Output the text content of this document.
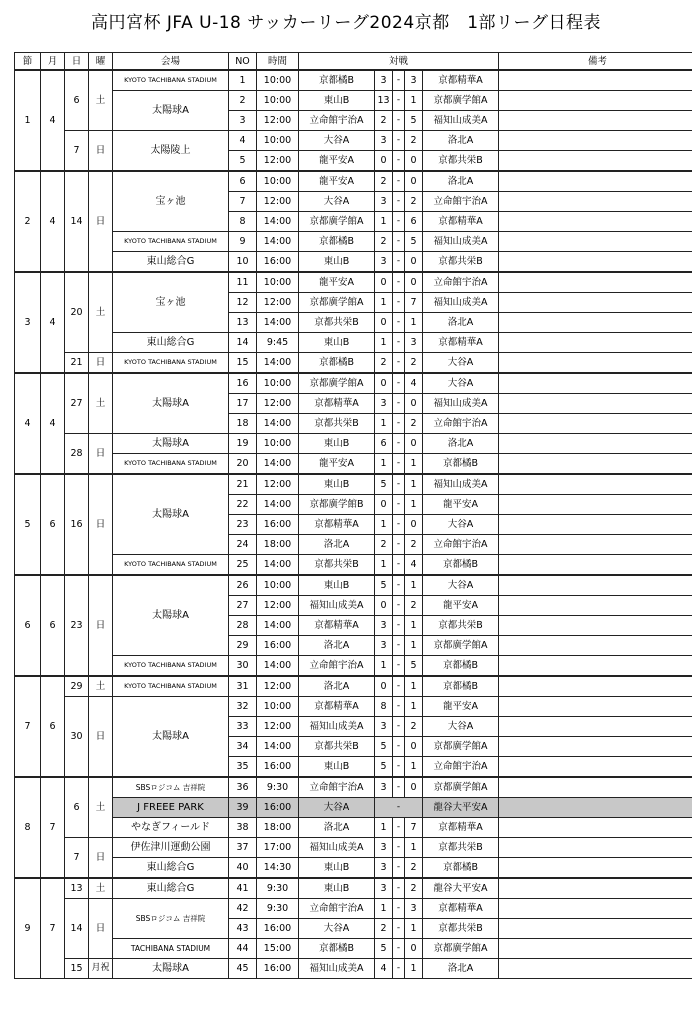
高円宮杯 JFA U-18 サッカーリーグ2024京都　1部リーグ日程表
節	月	日	曜	会場	NO	時間	対戦					備考
1	4	6	土	KYOTO TACHIBANA STADIUM	1	10:00	京都橘B	3	-	3	京都精華A	
				太陽球A	2	10:00	東山B	13	-	1	京都廣学館A	
					3	12:00	立命館宇治A	2	-	5	福知山成美A	
		7	日	太陽陵上	4	10:00	大谷A	3	-	2	洛北A	
					5	12:00	龍平安A	0	-	0	京都共栄B	
2	4	14	日	宝ヶ池	6	10:00	龍平安A	2	-	0	洛北A	
					7	12:00	大谷A	3	-	2	立命館宇治A	
					8	14:00	京都廣学館A	1	-	6	京都精華A	
				KYOTO TACHIBANA STADIUM	9	14:00	京都橘B	2	-	5	福知山成美A	
				東山総合G	10	16:00	東山B	3	-	0	京都共栄B	
3	4	20	土	宝ヶ池	11	10:00	龍平安A	0	-	0	立命館宇治A	
					12	12:00	京都廣学館A	1	-	7	福知山成美A	
					13	14:00	京都共栄B	0	-	1	洛北A	
				東山総合G	14	9:45	東山B	1	-	3	京都精華A	
		21	日	KYOTO TACHIBANA STADIUM	15	14:00	京都橘B	2	-	2	大谷A	
4	4	27	土	太陽球A	16	10:00	京都廣学館A	0	-	4	大谷A	
					17	12:00	京都精華A	3	-	0	福知山成美A	
					18	14:00	京都共栄B	1	-	2	立命館宇治A	
		28	日	太陽球A	19	10:00	東山B	6	-	0	洛北A	
				KYOTO TACHIBANA STADIUM	20	14:00	龍平安A	1	-	1	京都橘B	
5	6	16	日	太陽球A	21	12:00	東山B	5	-	1	福知山成美A	
					22	14:00	京都廣学館B	0	-	1	龍平安A	
					23	16:00	京都精華A	1	-	0	大谷A	
					24	18:00	洛北A	2	-	2	立命館宇治A	
				KYOTO TACHIBANA STADIUM	25	14:00	京都共栄B	1	-	4	京都橘B	
6	6	23	日	太陽球A	26	10:00	東山B	5	-	1	大谷A	
					27	12:00	福知山成美A	0	-	2	龍平安A	
					28	14:00	京都精華A	3	-	1	京都共栄B	
					29	16:00	洛北A	3	-	1	京都廣学館A	
				KYOTO TACHIBANA STADIUM	30	14:00	立命館宇治A	1	-	5	京都橘B	
7	6	29	土	KYOTO TACHIBANA STADIUM	31	12:00	洛北A	0	-	1	京都橘B	
		30	日	太陽球A	32	10:00	京都精華A	8	-	1	龍平安A	
					33	12:00	福知山成美A	3	-	2	大谷A	
					34	14:00	京都共栄B	5	-	0	京都廣学館A	
					35	16:00	東山B	5	-	1	立命館宇治A	
8	7	6	土	SBSロジコム 吉祥院	36	9:30	立命館宇治A	3	-	0	京都廣学館A	
				J FREEE PARK	39	16:00	大谷A	-			龍谷大平安A	
				やなぎフィールド	38	18:00	洛北A	1	-	7	京都精華A	
		7	日	伊佐津川運動公園	37	17:00	福知山成美A	3	-	1	京都共栄B	
				東山総合G	40	14:30	東山B	3	-	2	京都橘B	
9	7	13	土	東山総合G	41	9:30	東山B	3	-	2	龍谷大平安A	
		14	日	SBSロジコム 吉祥院	42	9:30	立命館宇治A	1	-	3	京都精華A	
					43	16:00	大谷A	2	-	1	京都共栄B	
				TACHIBANA STADIUM	44	15:00	京都橘B	5	-	0	京都廣学館A	
		15	月祝	太陽球A	45	16:00	福知山成美A	4	-	1	洛北A	
